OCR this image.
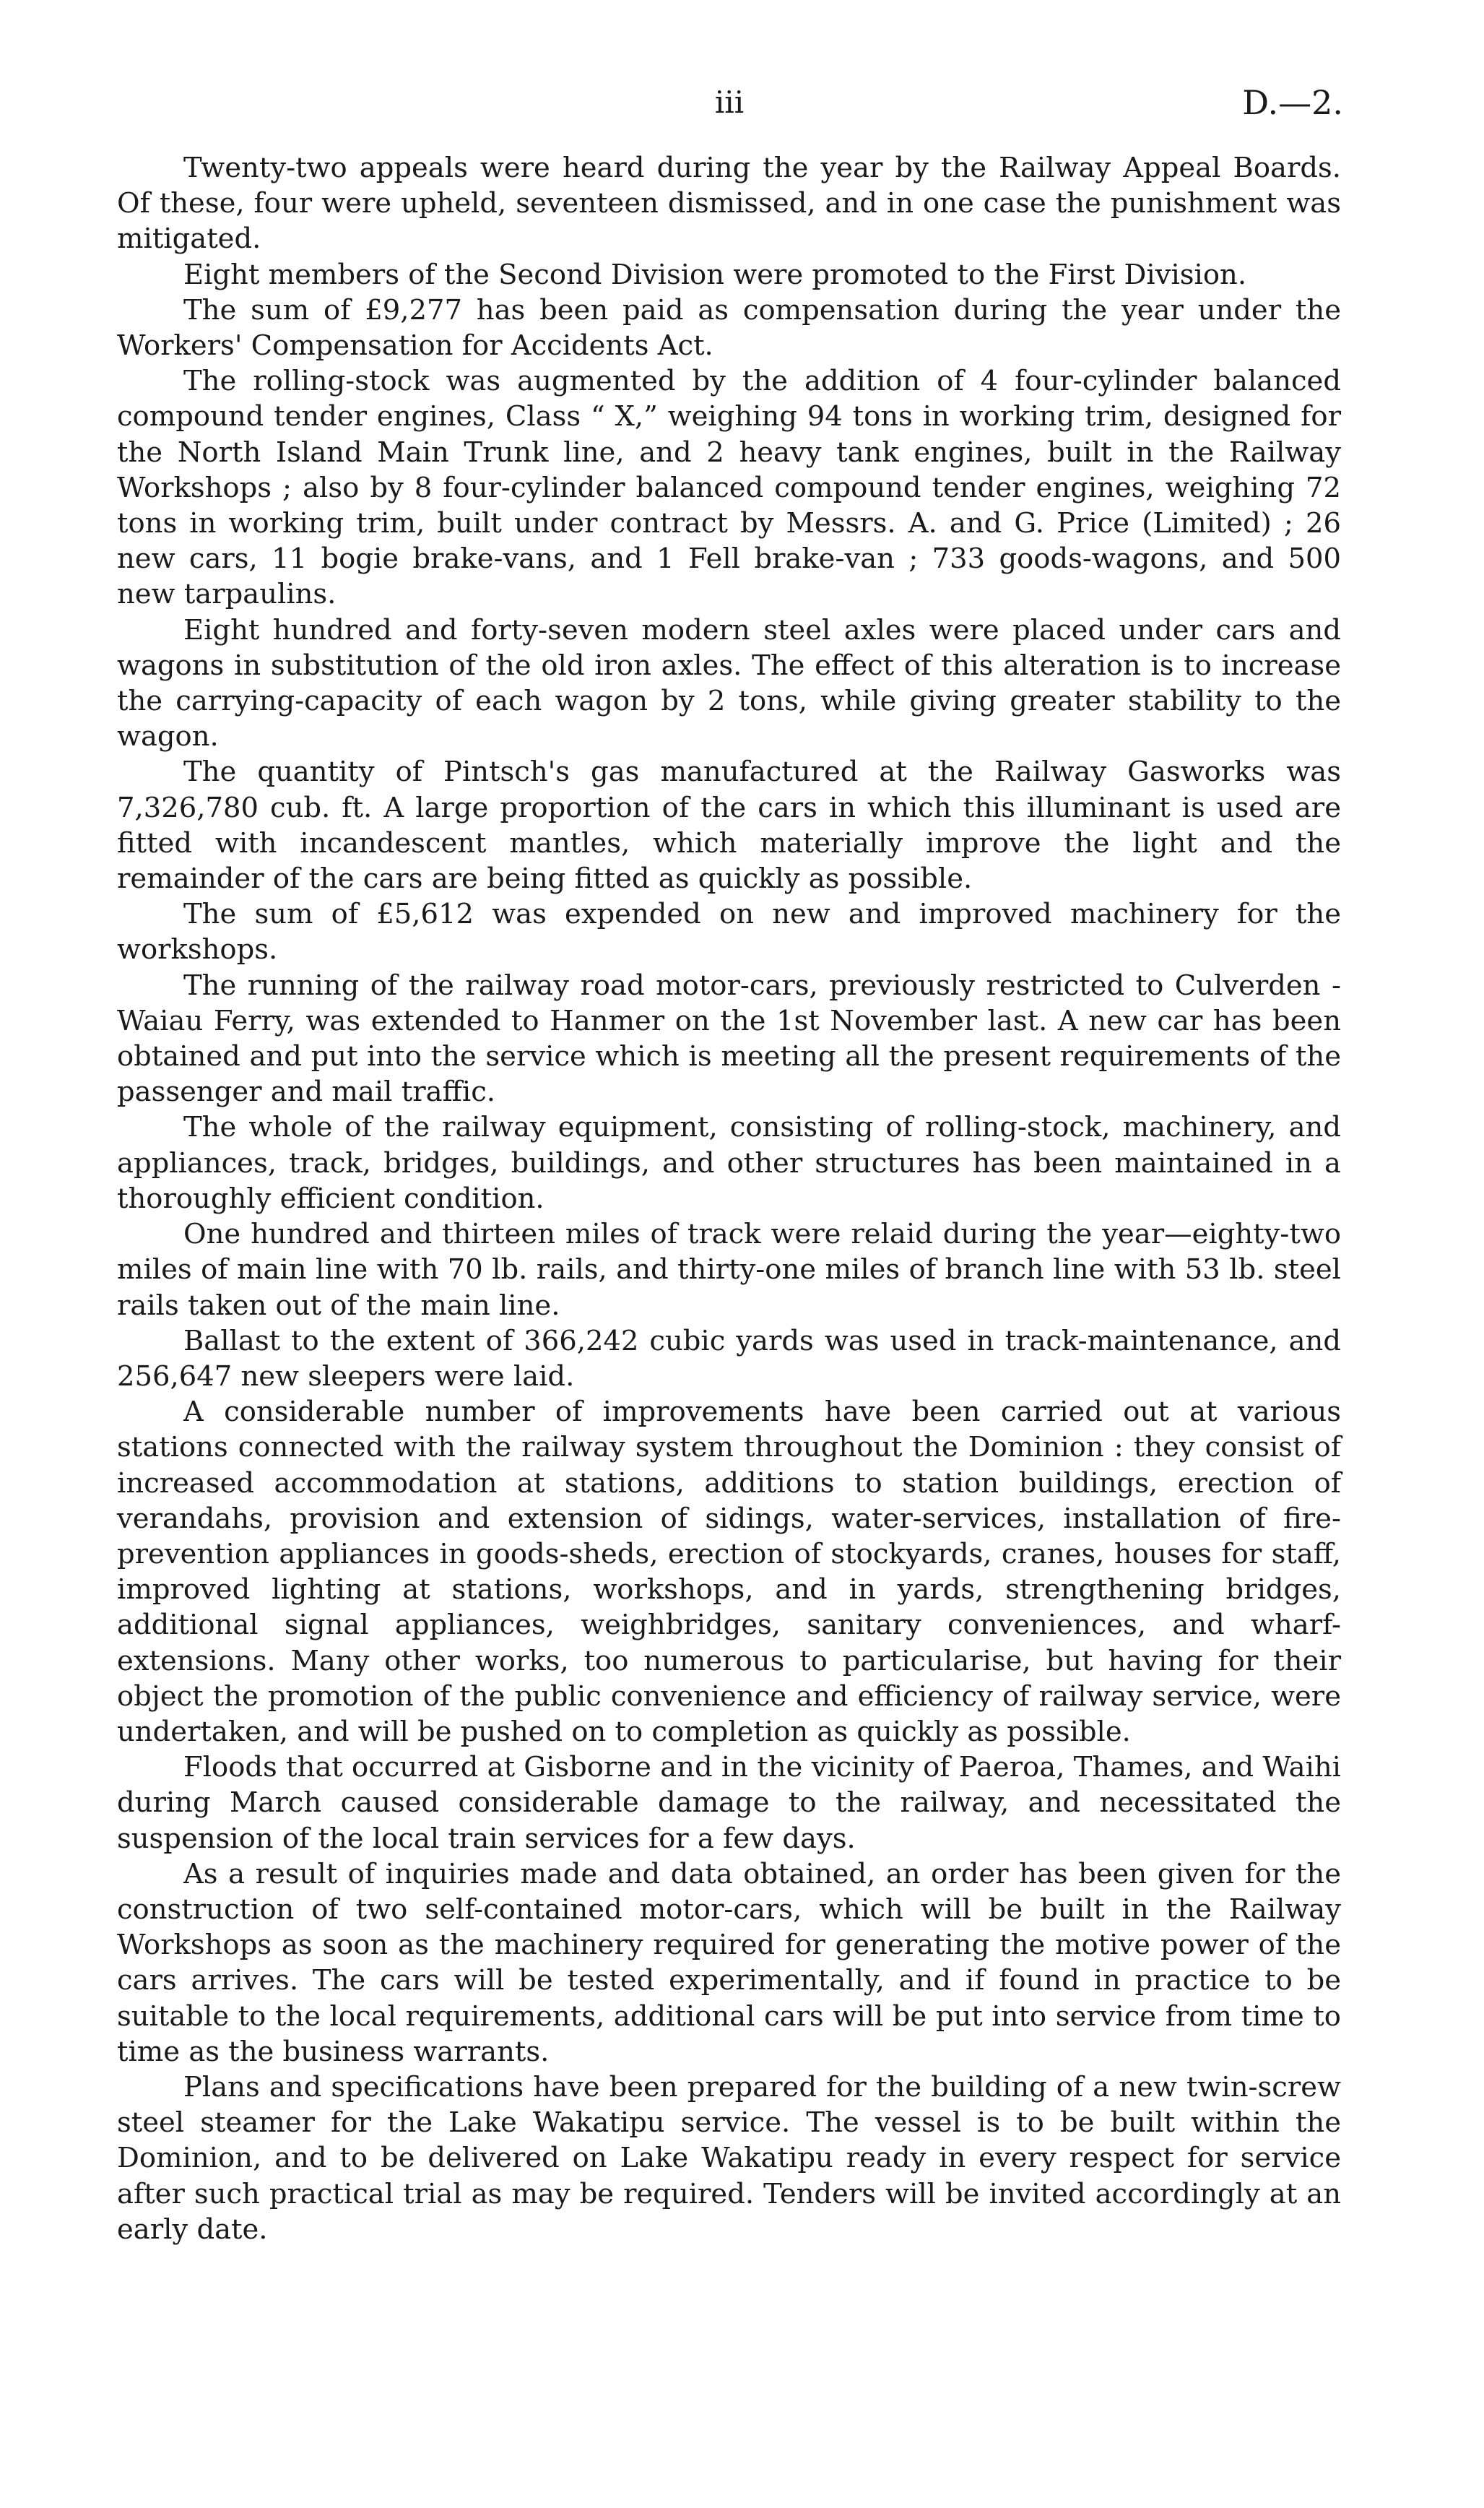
iii	D.—2.

Twenty-two appeals were heard during the year by the Railway Appeal Boards. Of these, four were upheld, seventeen dismissed, and in one case the punishment was mitigated.

Eight members of the Second Division were promoted to the First Division.

The sum of £9,277 has been paid as compensation during the year under the Workers' Compensation for Accidents Act.

The rolling-stock was augmented by the addition of 4 four-cylinder balanced compound tender engines, Class “ X,” weighing 94 tons in working trim, designed for the North Island Main Trunk line, and 2 heavy tank engines, built in the Railway Workshops ; also by 8 four-cylinder balanced compound tender engines, weighing 72 tons in working trim, built under contract by Messrs. A. and G. Price (Limited) ; 26 new cars, 11 bogie brake-vans, and 1 Fell brake-van ; 733 goods-wagons, and 500 new tarpaulins.

Eight hundred and forty-seven modern steel axles were placed under cars and wagons in substitution of the old iron axles. The effect of this alteration is to increase the carrying-capacity of each wagon by 2 tons, while giving greater stability to the wagon.

The quantity of Pintsch's gas manufactured at the Railway Gasworks was 7,326,780 cub. ft. A large proportion of the cars in which this illuminant is used are fitted with incandescent mantles, which materially improve the light and the remainder of the cars are being fitted as quickly as possible.

The sum of £5,612 was expended on new and improved machinery for the workshops.

The running of the railway road motor-cars, previously restricted to Culverden - Waiau Ferry, was extended to Hanmer on the 1st November last. A new car has been obtained and put into the service which is meeting all the present requirements of the passenger and mail traffic.

The whole of the railway equipment, consisting of rolling-stock, machinery, and appliances, track, bridges, buildings, and other structures has been maintained in a thoroughly efficient condition.

One hundred and thirteen miles of track were relaid during the year—eighty-two miles of main line with 70 lb. rails, and thirty-one miles of branch line with 53 lb. steel rails taken out of the main line.

Ballast to the extent of 366,242 cubic yards was used in track-maintenance, and 256,647 new sleepers were laid.

A considerable number of improvements have been carried out at various stations connected with the railway system throughout the Dominion : they consist of increased accommodation at stations, additions to station buildings, erection of verandahs, provision and extension of sidings, water-services, installation of fire-prevention appliances in goods-sheds, erection of stockyards, cranes, houses for staff, improved lighting at stations, workshops, and in yards, strengthening bridges, additional signal appliances, weighbridges, sanitary conveniences, and wharf-extensions. Many other works, too numerous to particularise, but having for their object the promotion of the public convenience and efficiency of railway service, were undertaken, and will be pushed on to completion as quickly as possible.

Floods that occurred at Gisborne and in the vicinity of Paeroa, Thames, and Waihi during March caused considerable damage to the railway, and necessitated the suspension of the local train services for a few days.

As a result of inquiries made and data obtained, an order has been given for the construction of two self-contained motor-cars, which will be built in the Railway Workshops as soon as the machinery required for generating the motive power of the cars arrives. The cars will be tested experimentally, and if found in practice to be suitable to the local requirements, additional cars will be put into service from time to time as the business warrants.

Plans and specifications have been prepared for the building of a new twin-screw steel steamer for the Lake Wakatipu service. The vessel is to be built within the Dominion, and to be delivered on Lake Wakatipu ready in every respect for service after such practical trial as may be required. Tenders will be invited accordingly at an early date.
